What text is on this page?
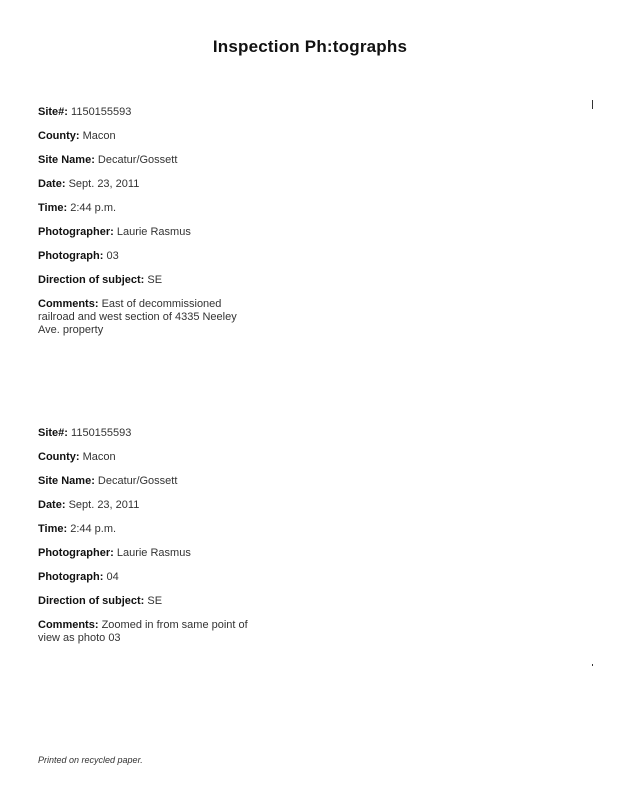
Inspection Ph:tographs
Site#: 1150155593
County: Macon
Site Name: Decatur/Gossett
Date: Sept. 23, 2011
Time: 2:44 p.m.
Photographer: Laurie Rasmus
Photograph: 03
Direction of subject: SE
Comments: East of decommissioned railroad and west section of 4335 Neeley Ave. property
Site#: 1150155593
County: Macon
Site Name: Decatur/Gossett
Date: Sept. 23, 2011
Time: 2:44 p.m.
Photographer: Laurie Rasmus
Photograph: 04
Direction of subject: SE
Comments: Zoomed in from same point of view as photo 03
Printed on recycled paper.
